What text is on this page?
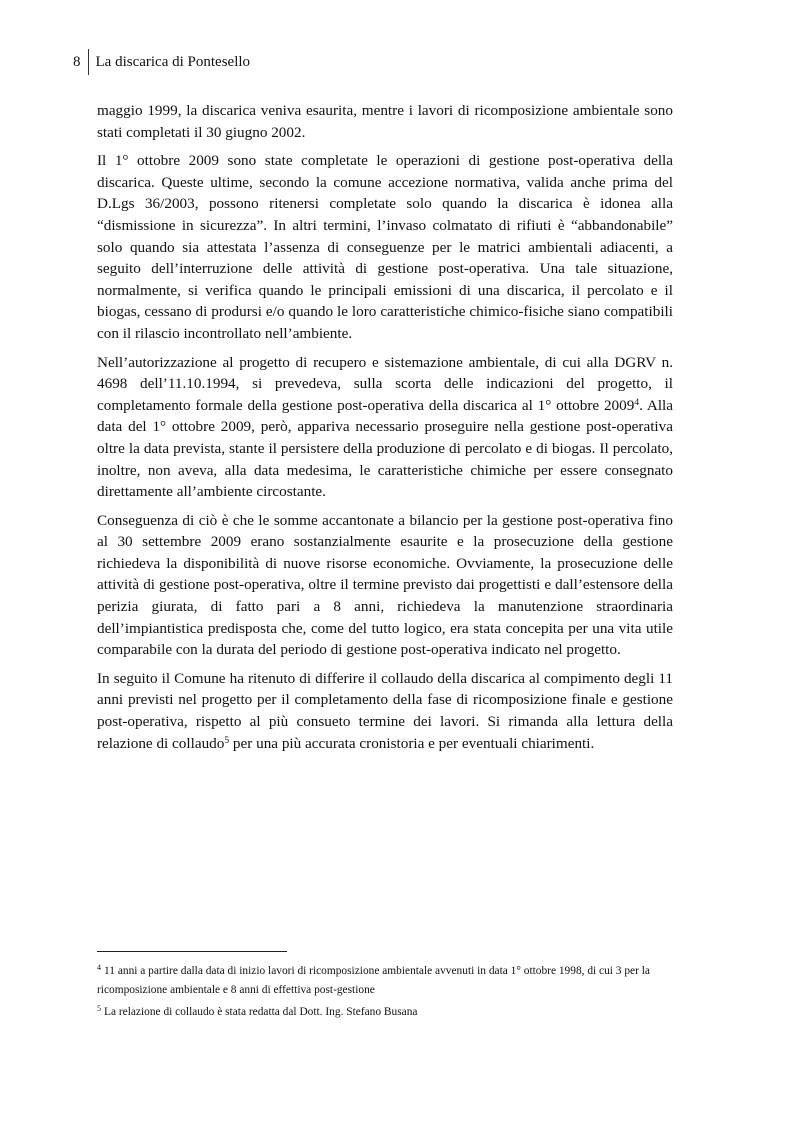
8	La discarica di Pontesello

maggio 1999, la discarica veniva esaurita, mentre i lavori di ricomposizione ambientale sono stati completati il 30 giugno 2002.

Il 1° ottobre 2009 sono state completate le operazioni di gestione post-operativa della discarica. Queste ultime, secondo la comune accezione normativa, valida anche prima del D.Lgs 36/2003, possono ritenersi completate solo quando la discarica è idonea alla “dismissione in sicurezza”. In altri termini, l’invaso colmatato di rifiuti è “abbandonabile” solo quando sia attestata l’assenza di conseguenze per le matrici ambientali adiacenti, a seguito dell’interruzione delle attività di gestione post-operativa. Una tale situazione, normalmente, si verifica quando le principali emissioni di una discarica, il percolato e il biogas, cessano di prodursi e/o quando le loro caratteristiche chimico-fisiche siano compatibili con il rilascio incontrollato nell’ambiente.

Nell’autorizzazione al progetto di recupero e sistemazione ambientale, di cui alla DGRV n. 4698 dell’11.10.1994, si prevedeva, sulla scorta delle indicazioni del progetto, il completamento formale della gestione post-operativa della discarica al 1° ottobre 2009$^4$. Alla data del 1° ottobre 2009, però, appariva necessario proseguire nella gestione post-operativa oltre la data prevista, stante il persistere della produzione di percolato e di biogas. Il percolato, inoltre, non aveva, alla data medesima, le caratteristiche chimiche per essere consegnato direttamente all’ambiente circostante.

Conseguenza di ciò è che le somme accantonate a bilancio per la gestione post-operativa fino al 30 settembre 2009 erano sostanzialmente esaurite e la prosecuzione della gestione richiedeva la disponibilità di nuove risorse economiche. Ovviamente, la prosecuzione delle attività di gestione post-operativa, oltre il termine previsto dai progettisti e dall’estensore della perizia giurata, di fatto pari a 8 anni, richiedeva la manutenzione straordinaria dell’impiantistica predisposta che, come del tutto logico, era stata concepita per una vita utile comparabile con la durata del periodo di gestione post-operativa indicato nel progetto.

In seguito il Comune ha ritenuto di differire il collaudo della discarica al compimento degli 11 anni previsti nel progetto per il completamento della fase di ricomposizione finale e gestione post-operativa, rispetto al più consueto termine dei lavori. Si rimanda alla lettura della relazione di collaudo$^5$ per una più accurata cronistoria e per eventuali chiarimenti.

$^4$ 11 anni a partire dalla data di inizio lavori di ricomposizione ambientale avvenuti in data 1° ottobre 1998, di cui 3 per la ricomposizione ambientale e 8 anni di effettiva post-gestione

$^5$ La relazione di collaudo è stata redatta dal Dott. Ing. Stefano Busana
